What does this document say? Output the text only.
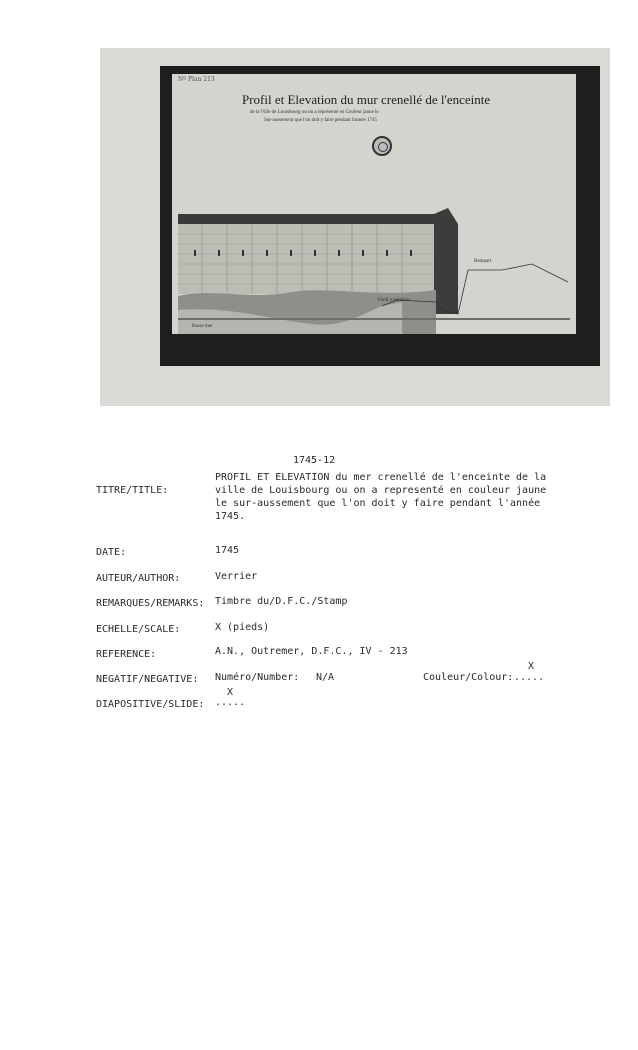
Nº Plan 213
Profil et Elevation du mur crenellé de l'enceinte
de la Ville de Louisbourg ou on a représenté en Couleur jaune le
Sur-aussement que l'on doit y faire pendant l'année 1745
Rempart
Fond à remblair
Basse mer
1745-12
TITRE/TITLE:
PROFIL ET ELEVATION du mer crenellé de l'enceinte de la
ville de Louisbourg ou on a representé en couleur jaune
le sur-aussement que l'on doit y faire pendant l'année
1745.
DATE:	1745
AUTEUR/AUTHOR:	Verrier
REMARQUES/REMARKS: Timbre du/D.F.C./Stamp
ECHELLE/SCALE:	X (pieds)
REFERENCE:	A.N., Outremer, D.F.C., IV - 213
NEGATIF/NEGATIVE: Numéro/Number: N/A	Couleur/Colour: .....
X
DIAPOSITIVE/SLIDE: .....
X
